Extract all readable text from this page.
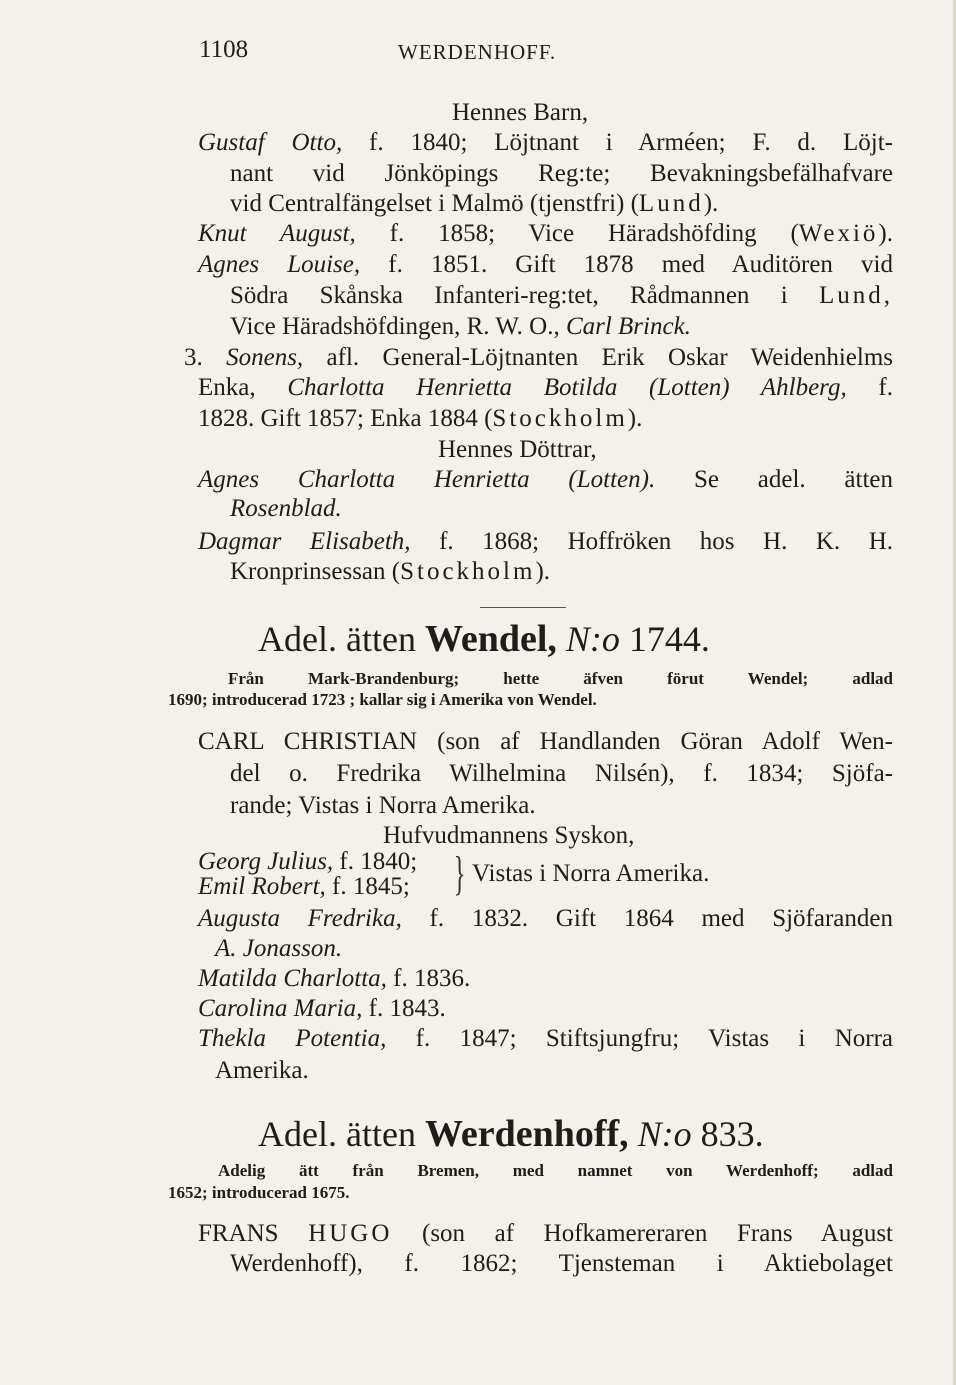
1108	WERDENHOFF.
}
Hennes Barn,
Gustaf Otto, f. 1840; Löjtnant i Arméen; F. d. Löjt-
nant vid Jönköpings Reg:te; Bevakningsbefälhafvare
vid Centralfängelset i Malmö (tjenstfri) (Lund).
Knut August, f. 1858; Vice Häradshöfding (Wexiö).
Agnes Louise, f. 1851. Gift 1878 med Auditören vid
Södra Skånska Infanteri-reg:tet, Rådmannen i Lund,
Vice Häradshöfdingen, R. W. O., Carl Brinck.
3. Sonens, afl. General-Löjtnanten Erik Oskar Weidenhielms
Enka, Charlotta Henrietta Botilda (Lotten) Ahlberg, f.
1828. Gift 1857; Enka 1884 (Stockholm).
Hennes Döttrar,
Agnes Charlotta Henrietta (Lotten). Se adel. ätten
Rosenblad.
Dagmar Elisabeth, f. 1868; Hoffröken hos H. K. H.
Kronprinsessan (Stockholm).
Adel. ätten Wendel, N:o 1744.
Från Mark-Brandenburg; hette äfven förut Wendel; adlad
1690; introducerad 1723 ; kallar sig i Amerika von Wendel.
CARL CHRISTIAN (son af Handlanden Göran Adolf Wen-
del o. Fredrika Wilhelmina Nilsén), f. 1834; Sjöfa-
rande; Vistas i Norra Amerika.
Hufvudmannens Syskon,
Georg Julius, f. 1840;
Emil Robert, f. 1845; Vistas i Norra Amerika.
Augusta Fredrika, f. 1832. Gift 1864 med Sjöfaranden
A. Jonasson.
Matilda Charlotta, f. 1836.
Carolina Maria, f. 1843.
Thekla Potentia, f. 1847; Stiftsjungfru; Vistas i Norra
Amerika.
Adel. ätten Werdenhoff, N:o 833.
Adelig ätt från Bremen, med namnet von Werdenhoff; adlad
1652; introducerad 1675.
FRANS HUGO (son af Hofkamereraren Frans August
Werdenhoff), f. 1862; Tjensteman i Aktiebolaget
